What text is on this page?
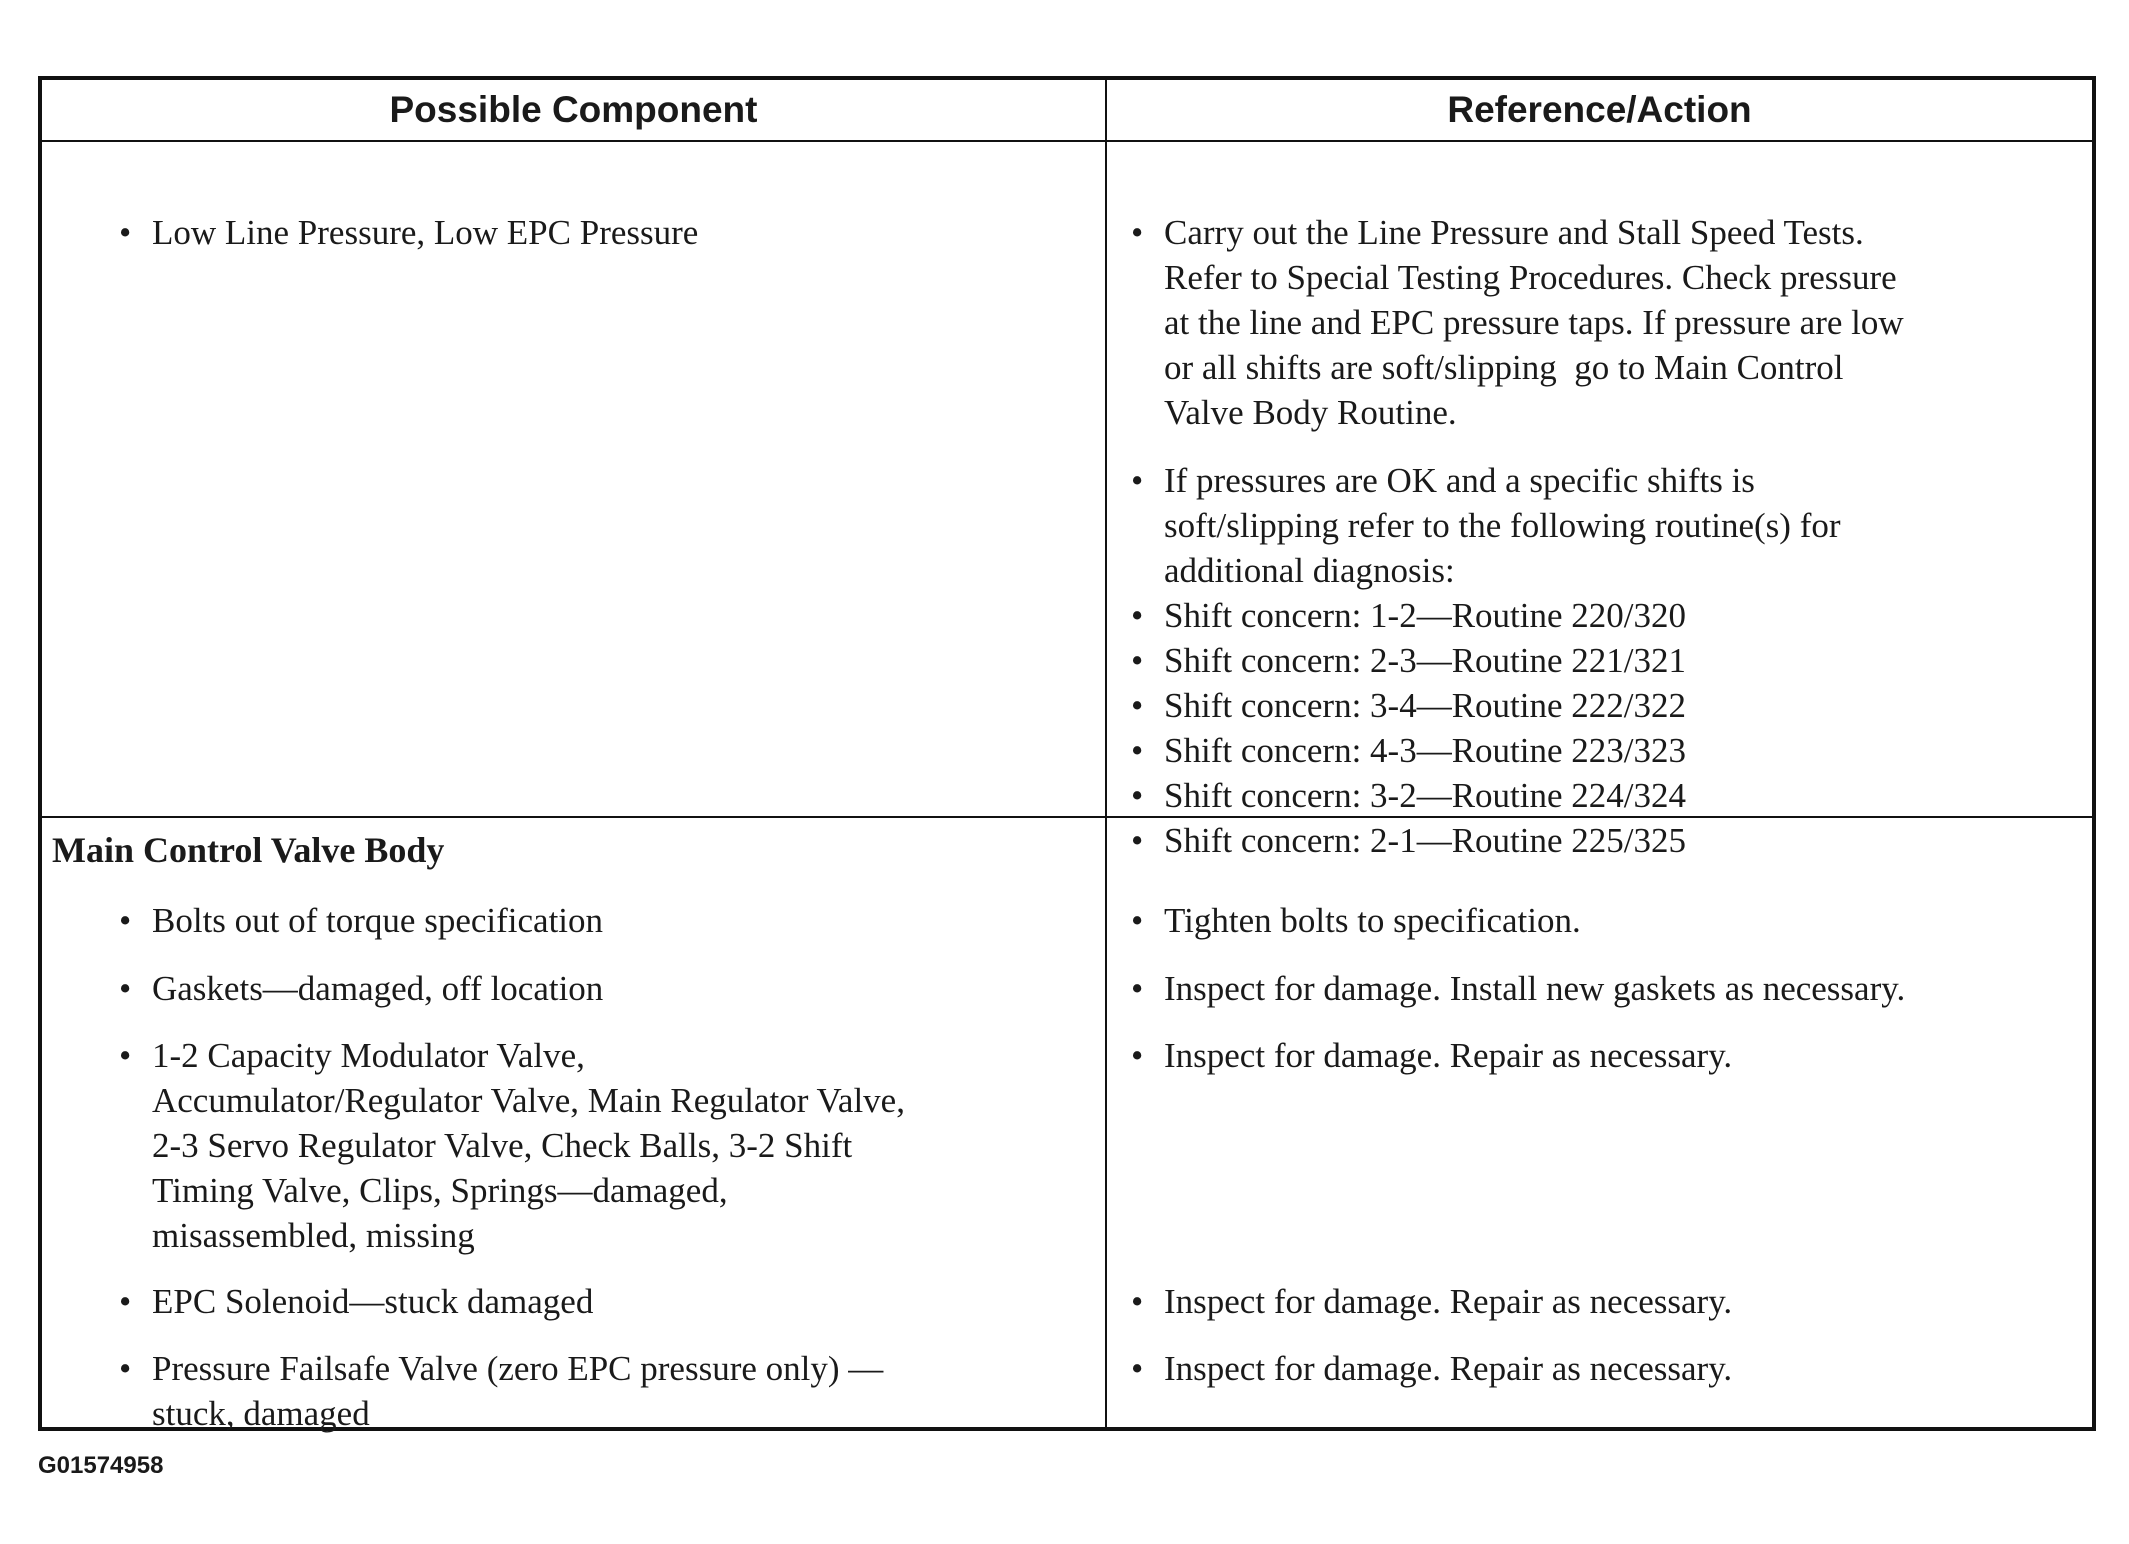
Possible Component	Reference/Action
• Low Line Pressure, Low EPC Pressure	• Carry out the Line Pressure and Stall Speed Tests.
Refer to Special Testing Procedures. Check pressure
at the line and EPC pressure taps. If pressure are low
or all shifts are soft/slipping  go to Main Control
Valve Body Routine.
• If pressures are OK and a specific shifts is
soft/slipping refer to the following routine(s) for
additional diagnosis:
• Shift concern: 1-2—Routine 220/320
• Shift concern: 2-3—Routine 221/321
• Shift concern: 3-4—Routine 222/322
• Shift concern: 4-3—Routine 223/323
• Shift concern: 3-2—Routine 224/324
• Shift concern: 2-1—Routine 225/325
Main Control Valve Body
• Bolts out of torque specification
• Gaskets—damaged, off location
• 1-2 Capacity Modulator Valve,
Accumulator/Regulator Valve, Main Regulator Valve,
2-3 Servo Regulator Valve, Check Balls, 3-2 Shift
Timing Valve, Clips, Springs—damaged,
misassembled, missing
• EPC Solenoid—stuck damaged
• Pressure Failsafe Valve (zero EPC pressure only) —
stuck, damaged
• Tighten bolts to specification.
• Inspect for damage. Install new gaskets as necessary.
• Inspect for damage. Repair as necessary.
• Inspect for damage. Repair as necessary.
• Inspect for damage. Repair as necessary.
G01574958
